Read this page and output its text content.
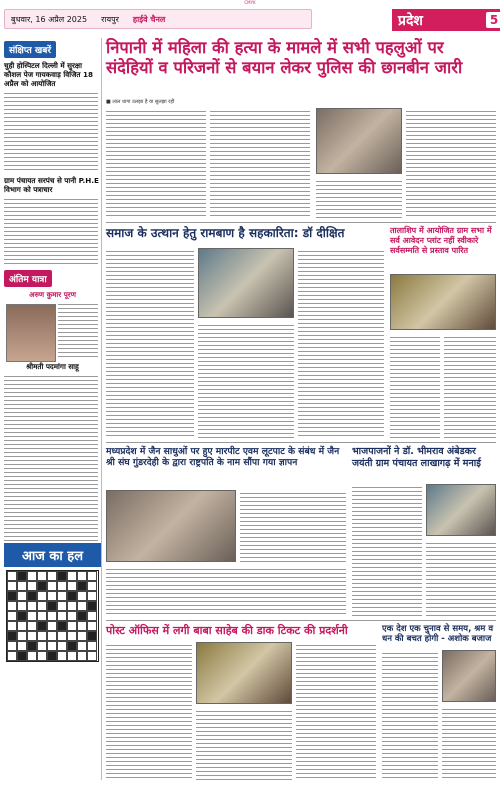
CMYK
बुधवार, 16 अप्रैल 2025 रायपुर हाईवे चैनल	प्रदेश	5
संक्षिप्त खबरें
चुही होस्पिटल दिल्ली में सुरक्षा कौशल पेज गायकवाड़ विजित 18 अप्रैल को आयोजित
ग्राम पंचायत सरपंच से पानी P.H.E विभाग को पत्राचार
अंतिम यात्रा
अरुण कुमार पूरण
श्रीमती पदमांगा साहू
आज का हल
निपानी में महिला की हत्या के मामले में सभी पहलुओं पर संदेहियों व परिजनों से बयान लेकर पुलिस की छानबीन जारी
■ लाल धागा उलझा है या सुलझा रहीं
समाज के उत्थान हेतु रामबाण है सहकारिता: डॉ दीक्षित	तालाशिप में आयोजित ग्राम सभा में सर्व आवेदन प्लांट नहीं स्वीकारे सर्वसम्मति से प्रस्ताव पारित
मध्यप्रदेश में जैन साधुओं पर हुए मारपीट एवम लूटपाट के संबंध में जैन श्री संघ गुंडरदेही के द्वारा राष्ट्रपति के नाम सौंपा गया ज्ञापन
भाजपाजनों ने डॉ. भीमराव अंबेडकर जयंती ग्राम पंचायत लाखागढ़ में मनाई
पोस्ट ऑफिस में लगी बाबा साहेब की डाक टिकट की प्रदर्शनी	एक देश एक चुनाव से समय, श्रम व धन की बचत होगी - अशोक बजाज
